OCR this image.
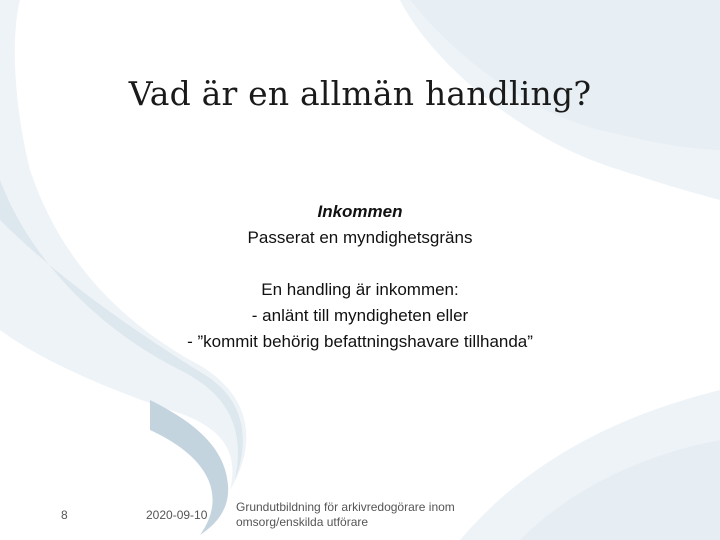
Vad är en allmän handling?
Inkommen
Passerat en myndighetsgräns
En handling är inkommen:
- anlänt till myndigheten eller
- ”kommit behörig befattningshavare tillhanda”
8	2020-09-10
Grundutbildning för arkivredogörare inom
omsorg/enskilda utförare
